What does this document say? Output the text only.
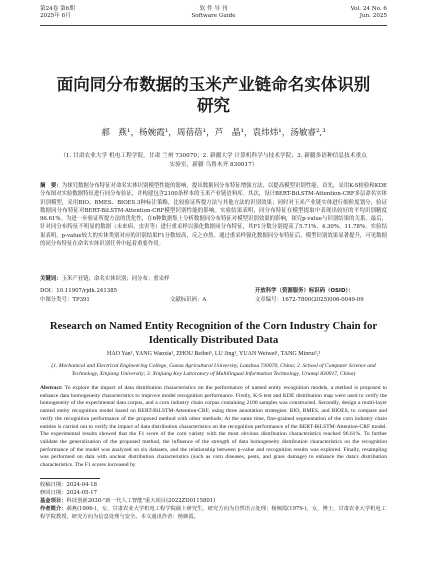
第24卷 第6期
2025年 6月
软 件 导 刊
Software Guide
Vol. 24 No. 6
Jun. 2025
面向同分布数据的玉米产业链命名实体识别
研究
郝　燕¹，杨婉霞¹，周蓓蓓¹，芦　晶¹，袁炜炜¹，汤敏睿²,³
（1. 甘肃农业大学 机电工程学院，甘肃 兰州 730070；2. 新疆大学 计算机科学与技术学院；3. 新疆多语种信息技术重点
实验室，新疆 乌鲁木齐 830017）
摘　要：为探究数据分布特征对命名实体识别模型性能的影响，提出数据同分布特征增强方法，以提高模型识别性能。首先，采用K-S检验和KDE分布图对实验数据特征进行同分布验证，并构建包含2100条样本的玉米产业链语料库。其次，设计BERT-BiLSTM-Attention-CRF多层命名实体识别模型，采用BIO、BMES、BIOES 3种标注策略，比较验证所提方法与其他方法的识别效果；同时对玉米产业链实体进行细粒度划分，验证数据同分布特征对BERT-BiLSTM-Attention-CRF模型识别性能的影响。实验结果表明，同分布特征在模型提取中表现出较好的平均识别精度96.61%。为进一步验证所提方法的优化性，在6种数据集上分析数据同分布特征对模型识别效果的影响，探究p-value与识别结果的关系。最后，针对同分布特征不明显的数据（未来病、虫害等）进行重采样以强化数据同分布特征，其F1分数分别提高了5.71%、4.30%、11.78%。实验结果表明，p-value较大的实体类别对应的识别结果F1分数较高，反之亦然。通过重采样强化数据同分布特征后，模型识别效果显著提升，可见数据的同分布特征在命名实体识别任务中起着重要作用。
关键词：玉米产业链；命名实体识别；同分布；重采样
DOI：10.11907/rjdk.241385	开放科学（资源服务）标识码（OSID）：
中图分类号：TP391	文献标识码：A	文章编号：1672-7800(2025)006-0049-09
Research on Named Entity Recognition of the Corn Industry Chain for
Identically Distributed Data
HAO Yan¹, YANG Wanxia¹, ZHOU Beibei¹, LU Jing¹, YUAN Weiwei¹, TANG Minrui²,³
(1. Mechanical and Electrical Engineering College, Gansu Agricultural University, Lanzhou 730070, China; 2. School of Computer Science and Technology, Xinjiang University; 3. Xinjiang Key Laboratory of Multilingual Information Technology, Urumqi 830017, China)
Abstract: To explore the impact of data distribution characteristics on the performance of named entity recognition models, a method is proposed to enhance data homogeneity characteristics to improve model recognition performance. Firstly, K-S test and KDE distribution map were used to verify the homogeneity of the experimental data corpus, and a corn industry chain corpus containing 2100 samples was constructed. Secondly, design a multi-layer named entity recognition model based on BERT-BiLSTM-Attention-CRF, using three annotation strategies: BIO, BMES, and BIOES, to compare and verify the recognition performance of the proposed method with other methods; At the same time, fine-grained segmentation of the corn industry chain entities is carried out to verify the impact of data distribution characteristics on the recognition performance of the BERT-BiLSTM-Attention-CRF model. The experimental results showed that the F1 score of the corn variety with the most obvious distribution characteristics reached 96.61%. To further validate the generalization of the proposed method, the influence of the strength of data homogeneity distribution characteristics on the recognition performance of the model was analyzed on six datasets, and the relationship between p-value and recognition results was explored. Finally, resampling was performed on data with unclear distribution characteristics (such as corn diseases, pests, and grass damage) to enhance the data's distribution characteristics. The F1 scores increased by
收稿日期：2024-04-18
修回日期：2024-05-17
基金项目：科技创新2030-"新一代人工智能"重大项目(2022ZD0115801)
作者简介：郝燕(1996-)，女，甘肃农业大学机电工程学院硕士研究生，研究方向为自然语言处理；杨婉霞(1979-)，女，博士，甘肃农业大学机电工程学院教授，研究方向为信息处理与安全。本文通讯作者：杨婉霞。
